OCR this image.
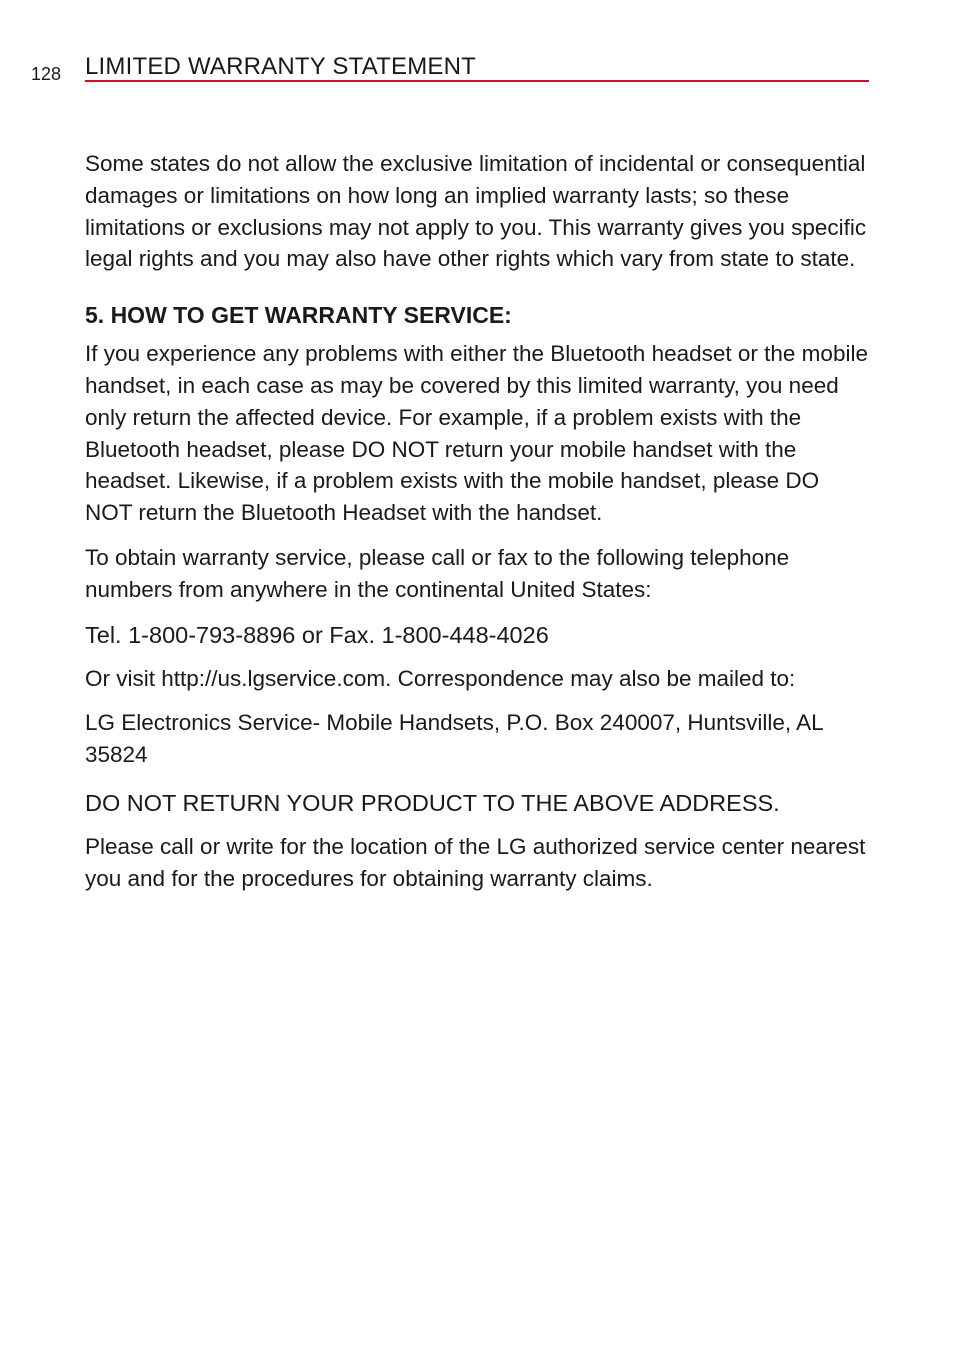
128 LIMITED WARRANTY STATEMENT

Some states do not allow the exclusive limitation of incidental or consequential damages or limitations on how long an implied warranty lasts; so these limitations or exclusions may not apply to you. This warranty gives you specific legal rights and you may also have other rights which vary from state to state.

5. HOW TO GET WARRANTY SERVICE:

If you experience any problems with either the Bluetooth headset or the mobile handset, in each case as may be covered by this limited warranty, you need only return the affected device. For example, if a problem exists with the Bluetooth headset, please DO NOT return your mobile handset with the headset. Likewise, if a problem exists with the mobile handset, please DO NOT return the Bluetooth Headset with the handset.

To obtain warranty service, please call or fax to the following telephone numbers from anywhere in the continental United States:

Tel. 1-800-793-8896 or Fax. 1-800-448-4026

Or visit http://us.lgservice.com. Correspondence may also be mailed to:

LG Electronics Service- Mobile Handsets, P.O. Box 240007, Huntsville, AL 35824

DO NOT RETURN YOUR PRODUCT TO THE ABOVE ADDRESS.

Please call or write for the location of the LG authorized service center nearest you and for the procedures for obtaining warranty claims.
